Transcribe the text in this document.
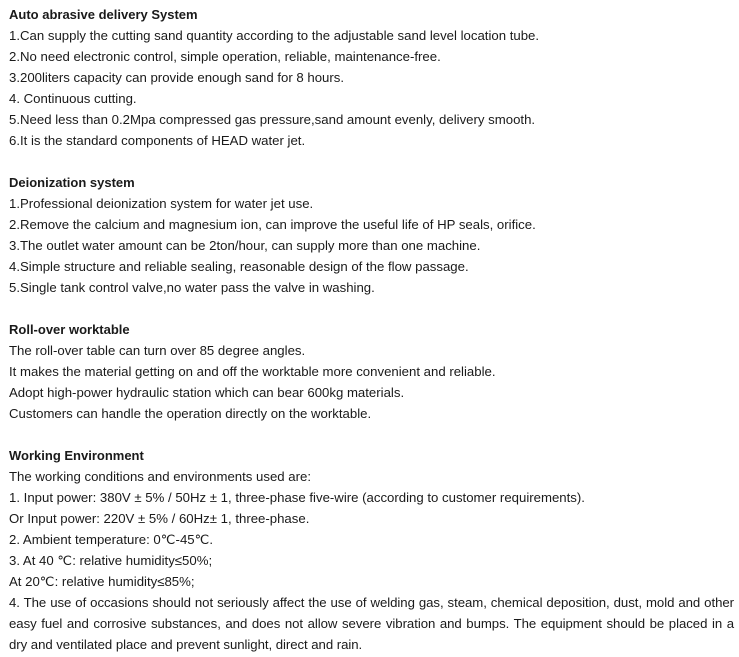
Auto abrasive delivery System
1.Can supply the cutting sand quantity according to the adjustable sand level location tube.
2.No need electronic control, simple operation, reliable, maintenance-free.
3.200liters capacity can provide enough sand for 8 hours.
4. Continuous cutting.
5.Need less than 0.2Mpa compressed gas pressure,sand amount evenly, delivery smooth.
6.It is the standard components of HEAD water jet.
Deionization system
1.Professional deionization system for water jet use.
2.Remove the calcium and magnesium ion, can improve the useful life of HP seals, orifice.
3.The outlet water amount can be 2ton/hour, can supply more than one machine.
4.Simple structure and reliable sealing, reasonable design of the flow passage.
5.Single tank control valve,no water pass the valve in washing.
Roll-over worktable
The roll-over table can turn over 85 degree angles.
It makes the material getting on and off the worktable more convenient and reliable.
Adopt high-power hydraulic station which can bear 600kg materials.
Customers can handle the operation directly on the worktable.
Working Environment
The working conditions and environments used are:
1. Input power: 380V ± 5% / 50Hz ± 1, three-phase five-wire (according to customer requirements).
Or Input power: 220V ± 5% / 60Hz± 1, three-phase.
2. Ambient temperature: 0℃-45℃.
3. At 40 ℃: relative humidity≤50%;
At 20℃: relative humidity≤85%;
4. The use of occasions should not seriously affect the use of welding gas, steam, chemical deposition, dust, mold and other easy fuel and corrosive substances, and does not allow severe vibration and bumps. The equipment should be placed in a dry and ventilated place and prevent sunlight, direct and rain.
